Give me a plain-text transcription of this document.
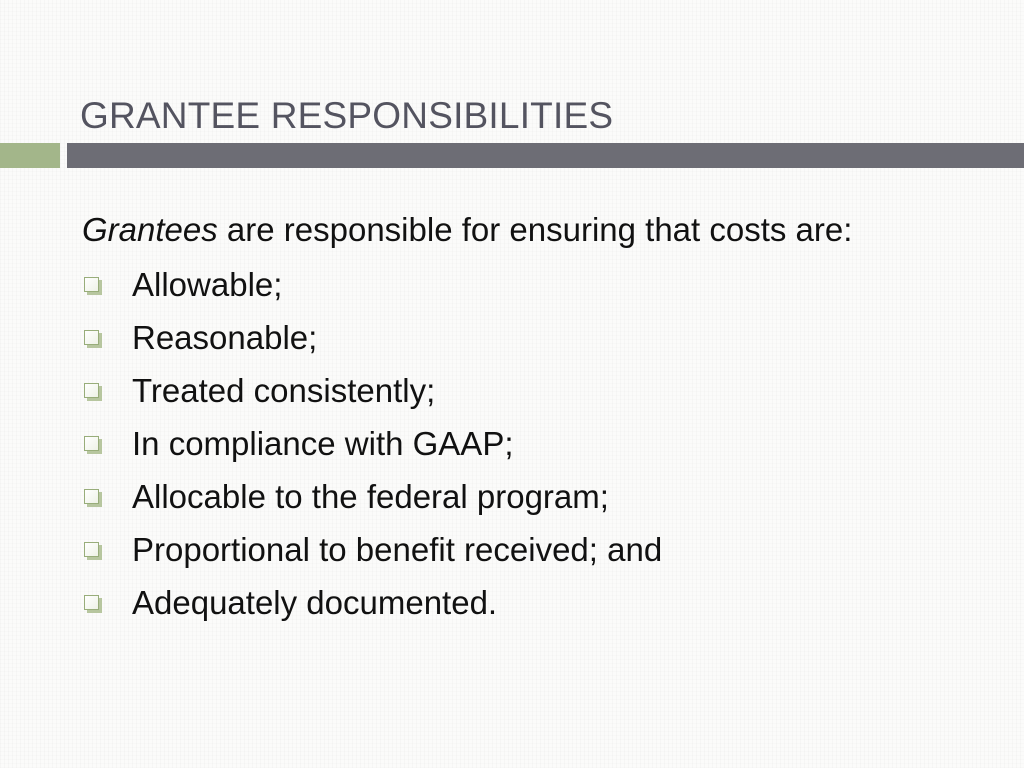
GRANTEE RESPONSIBILITIES

Grantees are responsible for ensuring that costs are:

Allowable;
Reasonable;
Treated consistently;
In compliance with GAAP;
Allocable to the federal program;
Proportional to benefit received; and
Adequately documented.
